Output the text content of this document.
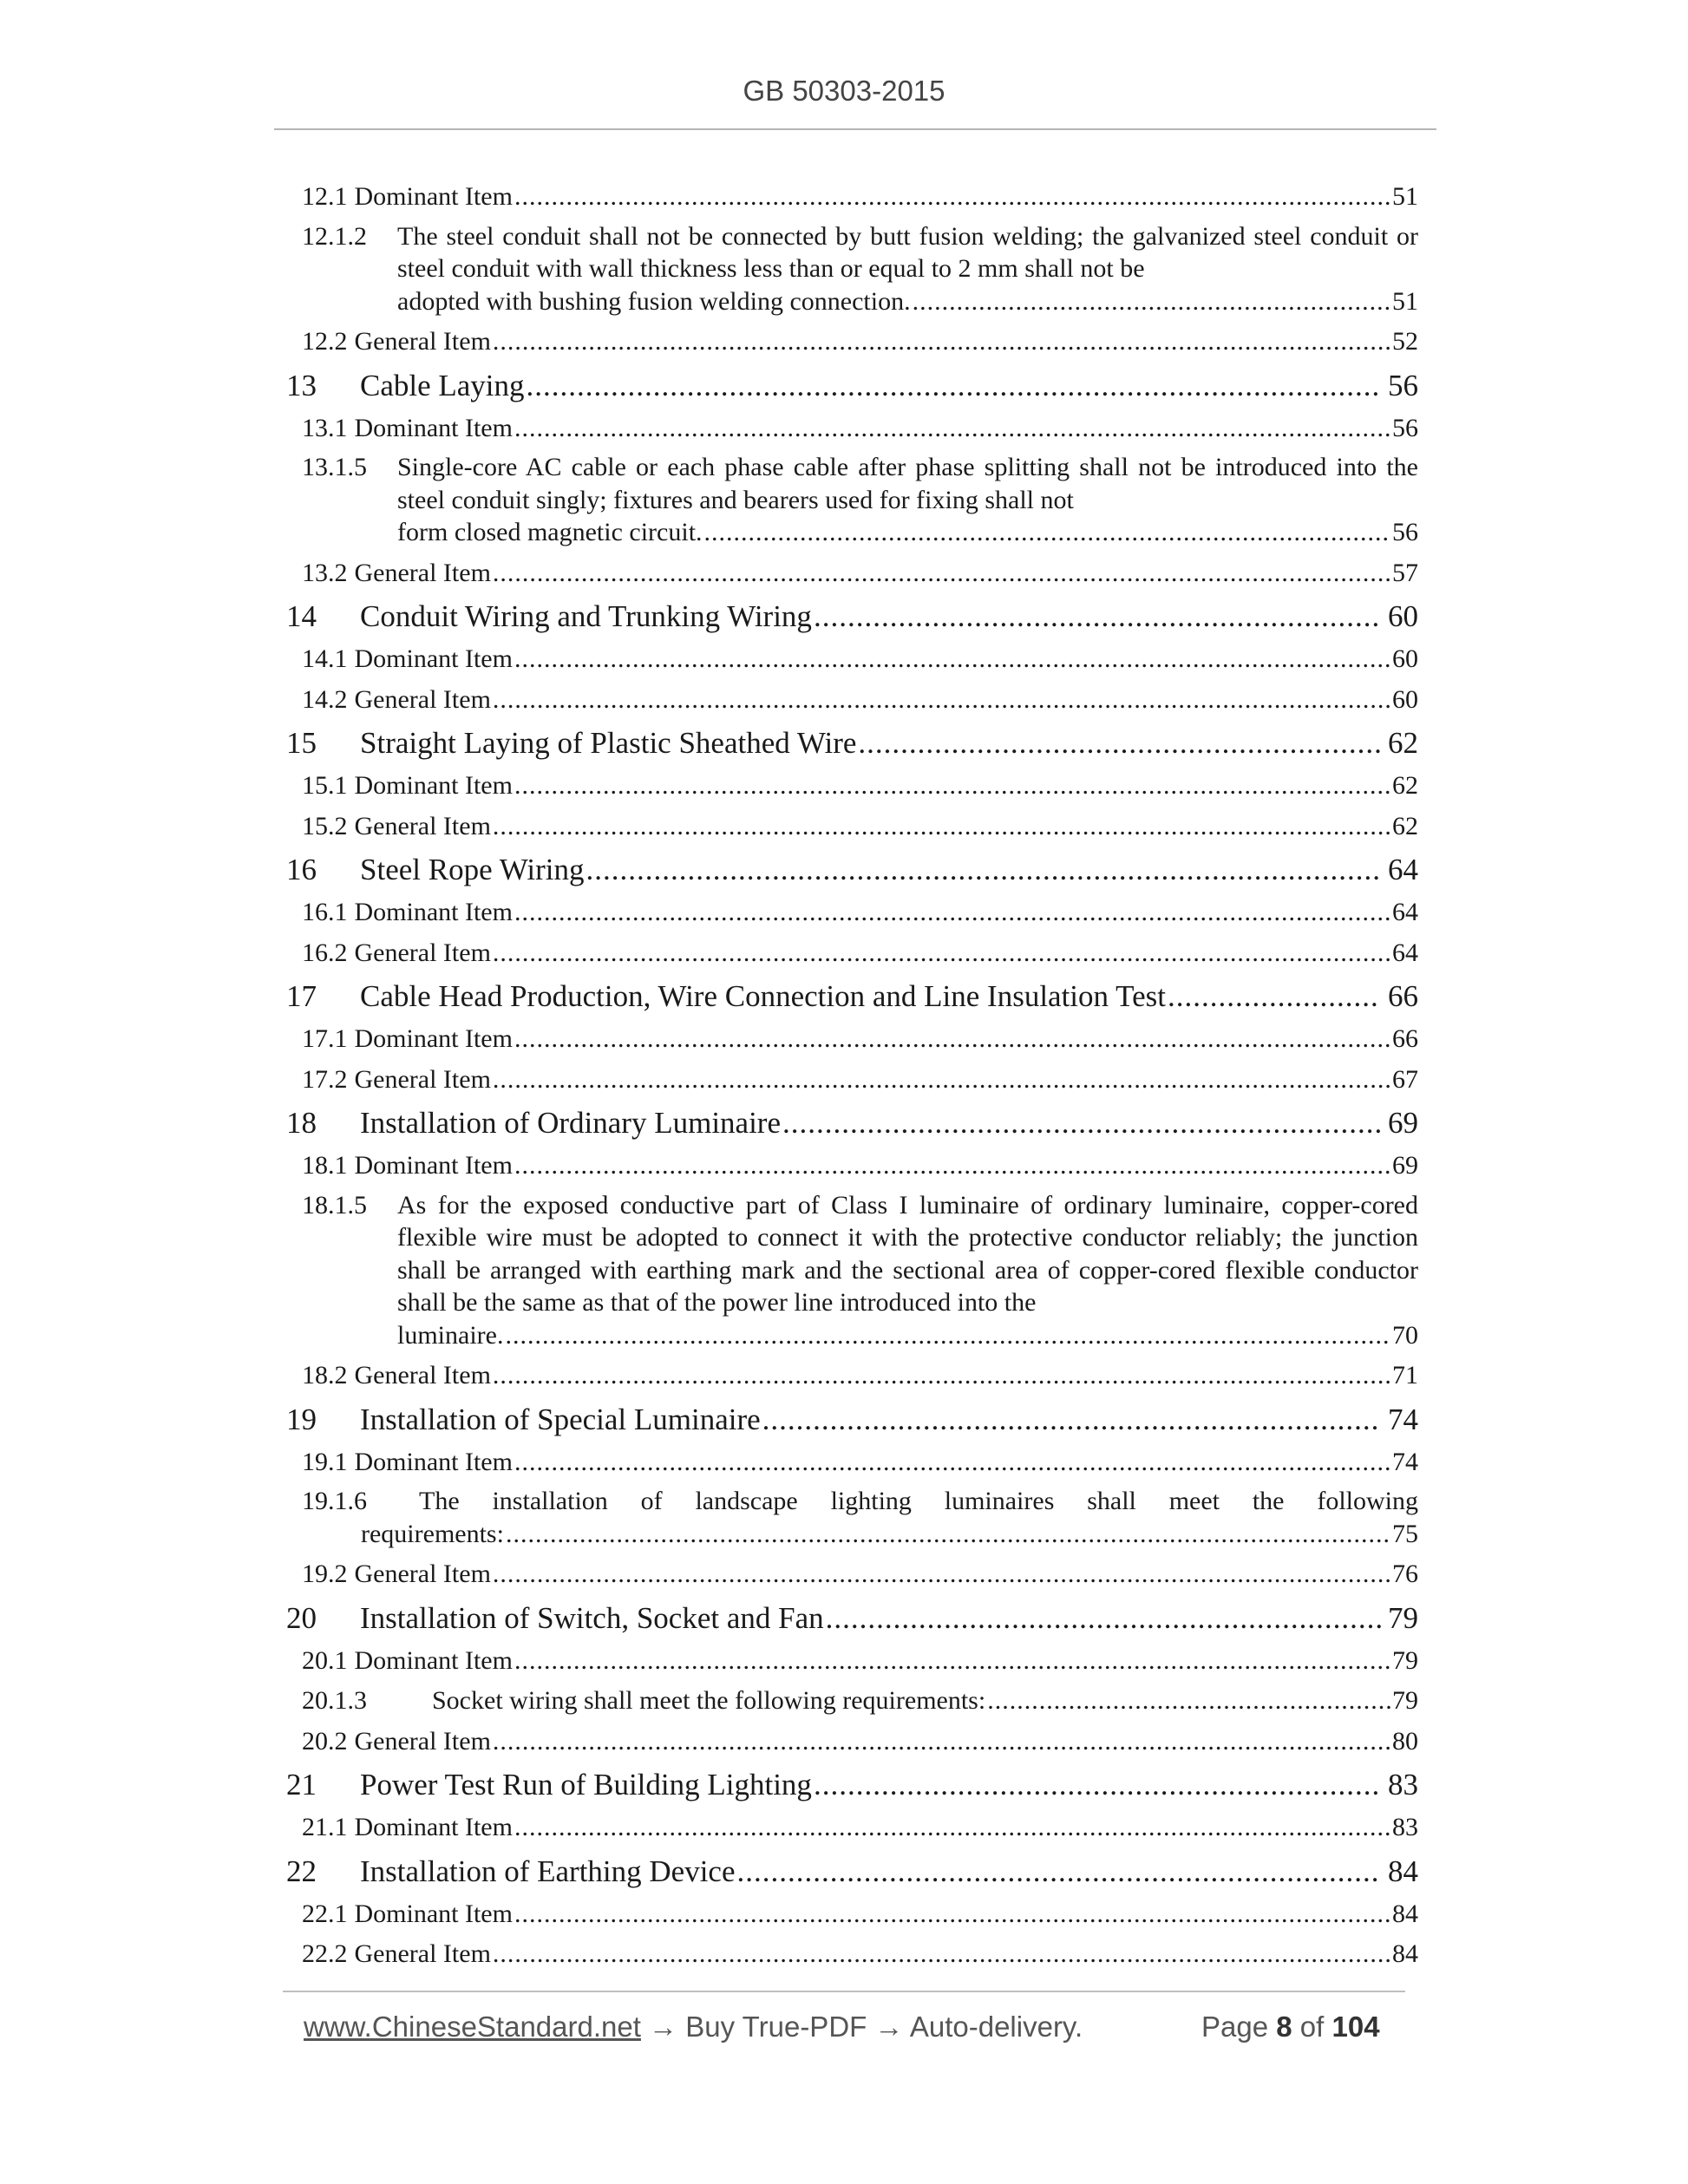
GB 50303-2015
12.1 Dominant Item .....	51
12.1.2	The steel conduit shall not be connected by butt fusion welding; the galvanized steel conduit or steel conduit with wall thickness less than or equal to 2 mm shall not be
adopted with bushing fusion welding connection. .....	51
12.2 General Item .....	52
13	Cable Laying .....	56
13.1 Dominant Item .....	56
13.1.5	Single-core AC cable or each phase cable after phase splitting shall not be introduced into the steel conduit singly; fixtures and bearers used for fixing shall not
form closed magnetic circuit. .....	56
13.2 General Item .....	57
14	Conduit Wiring and Trunking Wiring .....	60
14.1 Dominant Item .....	60
14.2 General Item .....	60
15	Straight Laying of Plastic Sheathed Wire .....	62
15.1 Dominant Item .....	62
15.2 General Item .....	62
16	Steel Rope Wiring .....	64
16.1 Dominant Item .....	64
16.2 General Item .....	64
17	Cable Head Production, Wire Connection and Line Insulation Test .....	66
17.1 Dominant Item .....	66
17.2 General Item .....	67
18	Installation of Ordinary Luminaire .....	69
18.1 Dominant Item .....	69
18.1.5	As for the exposed conductive part of Class I luminaire of ordinary luminaire, copper-cored flexible wire must be adopted to connect it with the protective conductor reliably; the junction shall be arranged with earthing mark and the sectional area of copper-cored flexible conductor shall be the same as that of the power line introduced into the
luminaire. .....	70
18.2 General Item .....	71
19	Installation of Special Luminaire .....	74
19.1 Dominant Item .....	74
19.1.6	The installation of landscape lighting luminaires shall meet the following
requirements: .....	75
19.2 General Item .....	76
20	Installation of Switch, Socket and Fan .....	79
20.1 Dominant Item .....	79
20.1.3	Socket wiring shall meet the following requirements: .....	79
20.2 General Item .....	80
21	Power Test Run of Building Lighting .....	83
21.1 Dominant Item .....	83
22	Installation of Earthing Device .....	84
22.1 Dominant Item .....	84
22.2 General Item .....	84
www.ChineseStandard.net → Buy True-PDF → Auto-delivery.	Page 8 of 104
